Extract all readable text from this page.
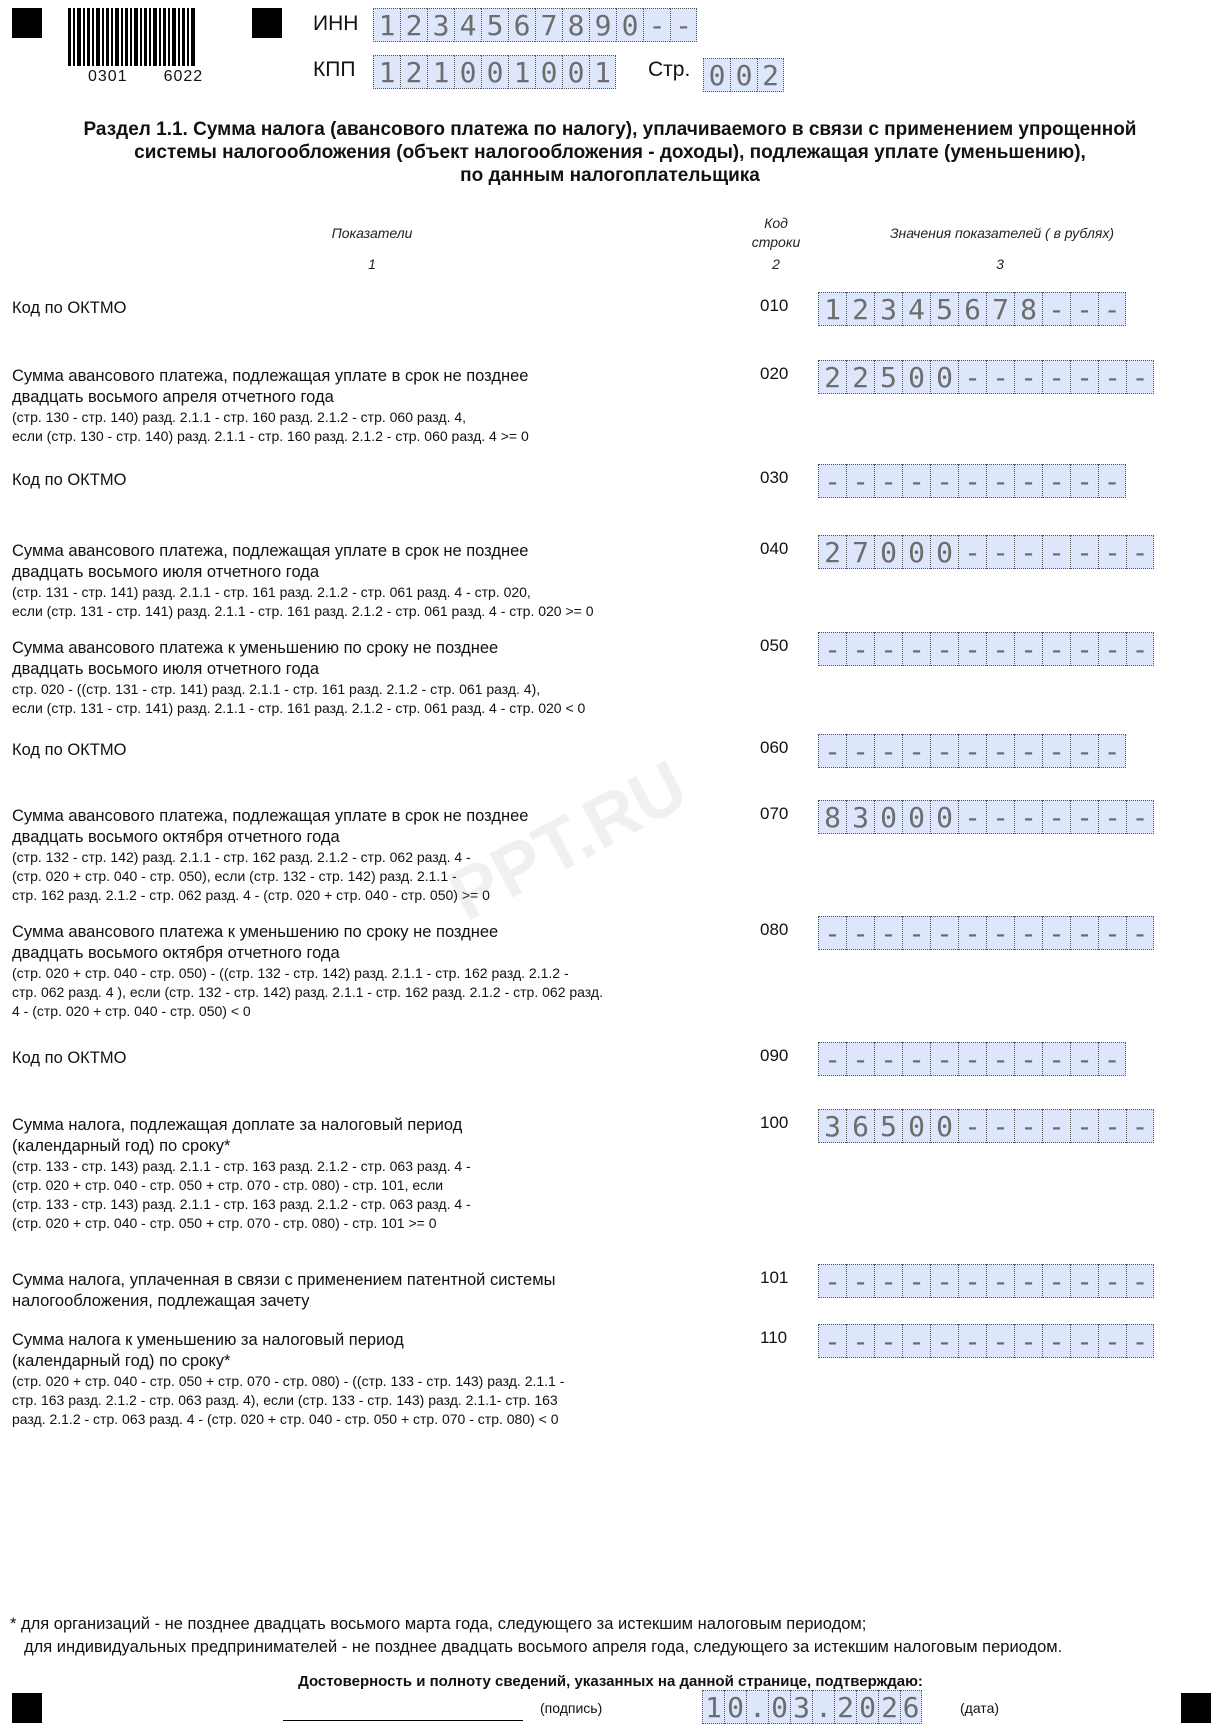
0301 6022
ИНН 1 2 3 4 5 6 7 8 9 0 - -
КПП 1 2 1 0 0 1 0 0 1 Стр. 0 0 2
Раздел 1.1. Сумма налога (авансового платежа по налогу), уплачиваемого в связи с применением упрощенной
системы налогообложения (объект налогообложения - доходы), подлежащая уплате (уменьшению),
по данным налогоплательщика
Показатели
1
Код строки
2
Значения показателей ( в рублях)
3
Код по ОКТМО	010 1 2 3 4 5 6 7 8 - - -
Сумма авансового платежа, подлежащая уплате в срок не позднее
двадцать восьмого апреля отчетного года
(стр. 130 - стр. 140) разд. 2.1.1 - стр. 160 разд. 2.1.2 - стр. 060 разд. 4,
если (стр. 130 - стр. 140) разд. 2.1.1 - стр. 160 разд. 2.1.2 - стр. 060 разд. 4 >= 0
020 2 2 5 0 0 - - - - - - -
Код по ОКТМО	030 - - - - - - - - - - -
Сумма авансового платежа, подлежащая уплате в срок не позднее
двадцать восьмого июля отчетного года
(стр. 131 - стр. 141) разд. 2.1.1 - стр. 161 разд. 2.1.2 - стр. 061 разд. 4 - стр. 020,
если (стр. 131 - стр. 141) разд. 2.1.1 - стр. 161 разд. 2.1.2 - стр. 061 разд. 4 - стр. 020 >= 0
040 2 7 0 0 0 - - - - - - -
Сумма авансового платежа к уменьшению по сроку не позднее
двадцать восьмого июля отчетного года
стр. 020 - ((стр. 131 - стр. 141) разд. 2.1.1 - стр. 161 разд. 2.1.2 - стр. 061 разд. 4),
если (стр. 131 - стр. 141) разд. 2.1.1 - стр. 161 разд. 2.1.2 - стр. 061 разд. 4 - стр. 020 < 0
050 - - - - - - - - - - - -
Код по ОКТМО	060 - - - - - - - - - - -
Сумма авансового платежа, подлежащая уплате в срок не позднее
двадцать восьмого октября отчетного года
(стр. 132 - стр. 142) разд. 2.1.1 - стр. 162 разд. 2.1.2 - стр. 062 разд. 4 -
(стр. 020 + стр. 040 - стр. 050), если (стр. 132 - стр. 142) разд. 2.1.1 -
стр. 162 разд. 2.1.2 - стр. 062 разд. 4 - (стр. 020 + стр. 040 - стр. 050) >= 0
070 8 3 0 0 0 - - - - - - -
Сумма авансового платежа к уменьшению по сроку не позднее
двадцать восьмого октября отчетного года
(стр. 020 + стр. 040 - стр. 050) - ((стр. 132 - стр. 142) разд. 2.1.1 - стр. 162 разд. 2.1.2 -
стр. 062 разд. 4 ), если (стр. 132 - стр. 142) разд. 2.1.1 - стр. 162 разд. 2.1.2 - стр. 062 разд.
4 - (стр. 020 + стр. 040 - стр. 050) < 0
080 - - - - - - - - - - - -
Код по ОКТМО	090 - - - - - - - - - - -
Сумма налога, подлежащая доплате за налоговый период
(календарный год) по сроку*
(стр. 133 - стр. 143) разд. 2.1.1 - стр. 163 разд. 2.1.2 - стр. 063 разд. 4 -
(стр. 020 + стр. 040 - стр. 050 + стр. 070 - стр. 080) - стр. 101, если
(стр. 133 - стр. 143) разд. 2.1.1 - стр. 163 разд. 2.1.2 - стр. 063 разд. 4 -
(стр. 020 + стр. 040 - стр. 050 + стр. 070 - стр. 080) - стр. 101 >= 0
100 3 6 5 0 0 - - - - - - -
Сумма налога, уплаченная в связи с применением патентной системы
налогообложения, подлежащая зачету
101 - - - - - - - - - - - -
Сумма налога к уменьшению за налоговый период
(календарный год) по сроку*
(стр. 020 + стр. 040 - стр. 050 + стр. 070 - стр. 080) - ((стр. 133 - стр. 143) разд. 2.1.1 -
стр. 163 разд. 2.1.2 - стр. 063 разд. 4), если (стр. 133 - стр. 143) разд. 2.1.1- стр. 163
разд. 2.1.2 - стр. 063 разд. 4 - (стр. 020 + стр. 040 - стр. 050 + стр. 070 - стр. 080) < 0
110 - - - - - - - - - - - -
PPT.RU
* для организаций - не позднее двадцать восьмого марта года, следующего за истекшим налоговым периодом;
для индивидуальных предпринимателей - не позднее двадцать восьмого апреля года, следующего за истекшим налоговым периодом.
Достоверность и полноту сведений, указанных на данной странице, подтверждаю:
(подпись)	1 0 . 0 3 . 2 0 2 6	(дата)
